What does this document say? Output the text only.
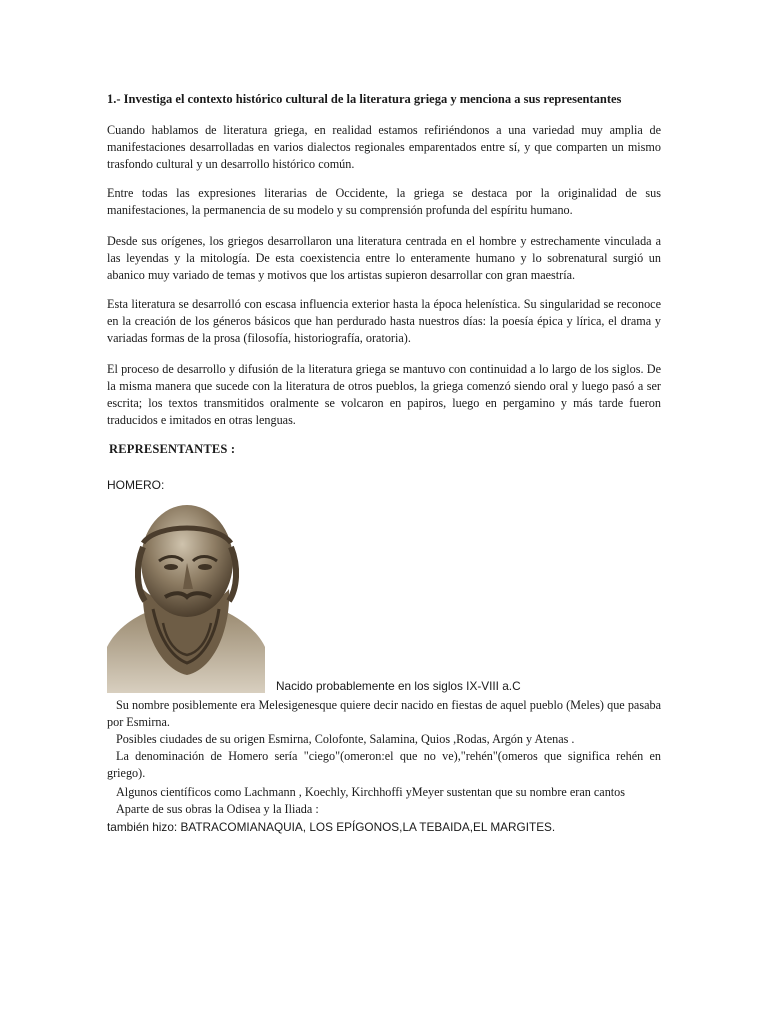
1.- Investiga el contexto histórico cultural de la literatura griega y menciona a sus representantes

Cuando hablamos de literatura griega, en realidad estamos refiriéndonos a una variedad muy amplia de manifestaciones desarrolladas en varios dialectos regionales emparentados entre sí, y que comparten un mismo trasfondo cultural y un desarrollo histórico común.

Entre todas las expresiones literarias de Occidente, la griega se destaca por la originalidad de sus manifestaciones, la permanencia de su modelo y su comprensión profunda del espíritu humano.

Desde sus orígenes, los griegos desarrollaron una literatura centrada en el hombre y estrechamente vinculada a las leyendas y la mitología. De esta coexistencia entre lo enteramente humano y lo sobrenatural surgió un abanico muy variado de temas y motivos que los artistas supieron desarrollar con gran maestría.

Esta literatura se desarrolló con escasa influencia exterior hasta la época helenística. Su singularidad se reconoce en la creación de los géneros básicos que han perdurado hasta nuestros días: la poesía épica y lírica, el drama y variadas formas de la prosa (filosofía, historiografía, oratoria).

El proceso de desarrollo y difusión de la literatura griega se mantuvo con continuidad a lo largo de los siglos. De la misma manera que sucede con la literatura de otros pueblos, la griega comenzó siendo oral y luego pasó a ser escrita; los textos transmitidos oralmente se volcaron en papiros, luego en pergamino y más tarde fueron traducidos e imitados en otras lenguas.

REPRESENTANTES :
HOMERO:
Nacido probablemente en los siglos IX-VIII a.C
Su nombre posiblemente era Melesigenesque quiere decir nacido en fiestas de aquel pueblo (Meles) que pasaba por Esmirna.
Posibles ciudades de su origen Esmirna, Colofonte, Salamina, Quios ,Rodas, Argón y Atenas .
La denominación de Homero sería "ciego"(omeron:el que no ve),"rehén"(omeros que significa rehén en griego).
Algunos científicos como Lachmann , Koechly, Kirchhoffi yMeyer sustentan que su nombre eran cantos
Aparte de sus obras la Odisea y la Iliada :
también hizo: BATRACOMIANAQUIA, LOS EPÍGONOS,LA TEBAIDA,EL MARGITES.
